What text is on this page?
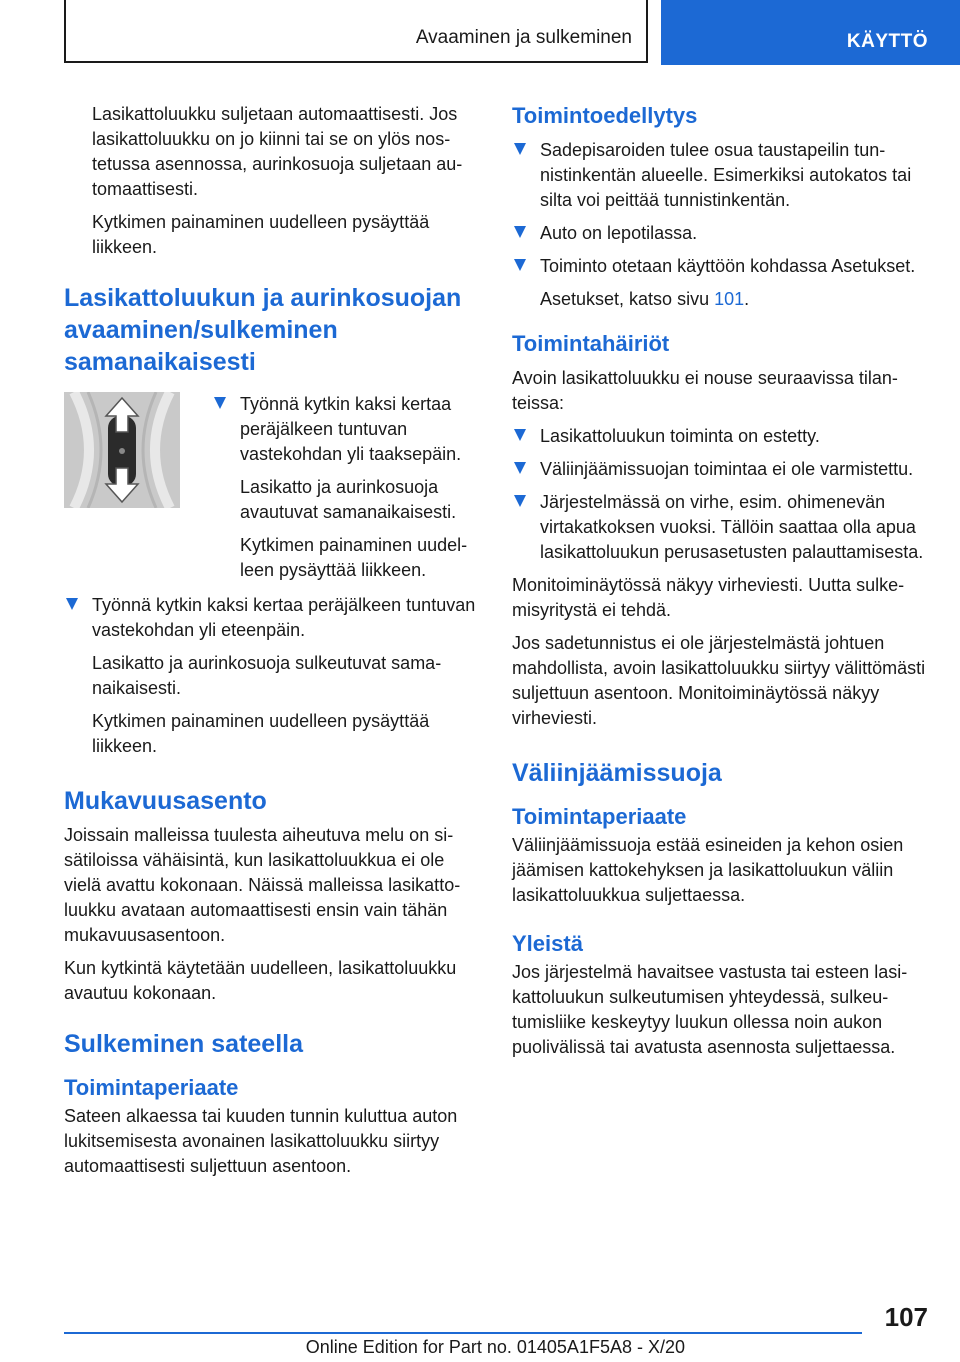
Avaaminen ja sulkeminen	KÄYTTÖ

Lasikattoluukku suljetaan automaattisesti. Jos lasikattoluukku on jo kiinni tai se on ylös nostetussa asennossa, aurinkosuoja suljetaan automaattisesti.

Kytkimen painaminen uudelleen pysäyttää liikkeen.

Lasikattoluukun ja aurinkosuojan avaaminen/sulkeminen samanaikaisesti

Työnnä kytkin kaksi kertaa peräjälkeen tuntuvan vastekohdan yli taaksepäin.

Lasikatto ja aurinkosuoja avautuvat samanaikaisesti.

Kytkimen painaminen uudelleen pysäyttää liikkeen.

Työnnä kytkin kaksi kertaa peräjälkeen tuntuvan vastekohdan yli eteenpäin.

Lasikatto ja aurinkosuoja sulkeutuvat samanaikaisesti.

Kytkimen painaminen uudelleen pysäyttää liikkeen.

Mukavuusasento

Joissain malleissa tuulesta aiheutuva melu on sisätiloissa vähäisintä, kun lasikattoluukkua ei ole vielä avattu kokonaan. Näissä malleissa lasikattoluukku avataan automaattisesti ensin vain tähän mukavuusasentoon.

Kun kytkintä käytetään uudelleen, lasikattoluukku avautuu kokonaan.

Sulkeminen sateella
Toimintaperiaate

Sateen alkaessa tai kuuden tunnin kuluttua auton lukitsemisesta avonainen lasikattoluukku siirtyy automaattisesti suljettuun asentoon.

Toimintoedellytys

Sadepisaroiden tulee osua taustapeilin tunnistinkentän alueelle. Esimerkiksi autokatos tai silta voi peittää tunnistinkentän.

Auto on lepotilassa.

Toiminto otetaan käyttöön kohdassa Asetukset.

Asetukset, katso sivu 101.

Toimintahäiriöt

Avoin lasikattoluukku ei nouse seuraavissa tilanteissa:

Lasikattoluukun toiminta on estetty.

Väliinjäämissuojan toimintaa ei ole varmistettu.

Järjestelmässä on virhe, esim. ohimenevän virtakatkoksen vuoksi. Tällöin saattaa olla apua lasikattoluukun perusasetusten palauttamisesta.

Monitoiminäytössä näkyy virheviesti. Uutta sulkemisyritystä ei tehdä.

Jos sadetunnistus ei ole järjestelmästä johtuen mahdollista, avoin lasikattoluukku siirtyy välittömästi suljettuun asentoon. Monitoiminäytössä näkyy virheviesti.

Väliinjäämissuoja
Toimintaperiaate

Väliinjäämissuoja estää esineiden ja kehon osien jäämisen kattokehyksen ja lasikattoluukun väliin lasikattoluukkua suljettaessa.

Yleistä

Jos järjestelmä havaitsee vastusta tai esteen lasikattoluukun sulkeutumisen yhteydessä, sulkeutumisliike keskeytyy luukun ollessa noin aukon puolivälissä tai avatusta asennosta suljettaessa.

107
Online Edition for Part no. 01405A1F5A8 - X/20
